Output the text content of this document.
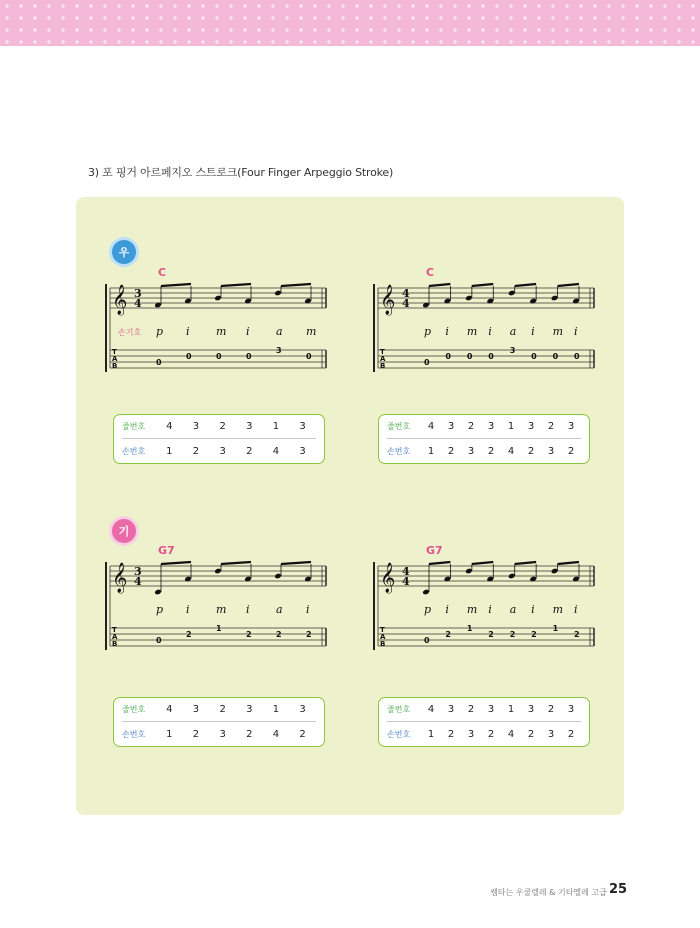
3) 포 핑거 아르페지오 스트로크(Four Finger Arpeggio Stroke)
우
기
𝄞 3
4
T
A
B
C
p
0
i
0
m
0
i
0
a
3
m
0
손기호
𝄞 4
4
T
A
B
C
p
0
i
0
m
0
i
0
a
3
i
0
m
0
i
0
𝄞 3
4
T
A
B
G7
p
0
i
2
m
1
i
2
a
2
i
2
𝄞 4
4
T
A
B
G7
p
0
i
2
m
1
i
2
a
2
i
2
m
1
i
2
줄번호	4	3	2	3	1	3
손번호	1	2	3	2	4	3
줄번호	4	3	2	3	1	3	2	3
손번호	1	2	3	2	4	2	3	2
줄번호	4	3	2	3	1	3
손번호	1	2	3	2	4	2
줄번호	4	3	2	3	1	3	2	3
손번호	1	2	3	2	4	2	3	2
쌤타는 우쿨렐레 & 기타멜레 고급 25
